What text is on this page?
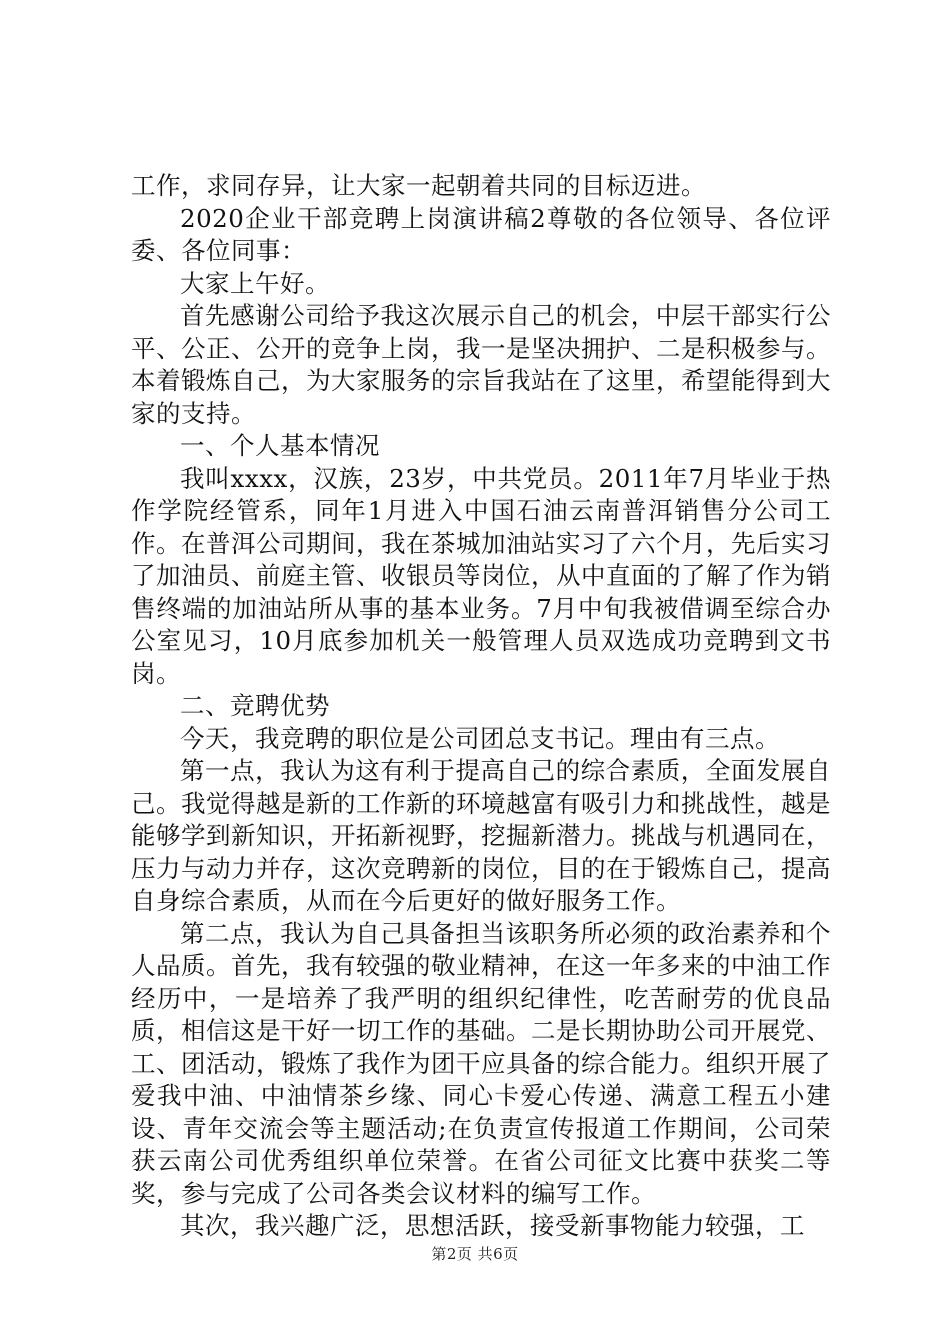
工作，求同存异，让大家一起朝着共同的目标迈进。

2020企业干部竞聘上岗演讲稿2尊敬的各位领导、各位评委、各位同事：

大家上午好。

首先感谢公司给予我这次展示自己的机会，中层干部实行公平、公正、公开的竞争上岗，我一是坚决拥护、二是积极参与。本着锻炼自己，为大家服务的宗旨我站在了这里，希望能得到大家的支持。

一、个人基本情况

我叫xxxx，汉族，23岁，中共党员。2011年7月毕业于热作学院经管系，同年1月进入中国石油云南普洱销售分公司工作。在普洱公司期间，我在茶城加油站实习了六个月，先后实习了加油员、前庭主管、收银员等岗位，从中直面的了解了作为销售终端的加油站所从事的基本业务。7月中旬我被借调至综合办公室见习，10月底参加机关一般管理人员双选成功竞聘到文书岗。

二、竞聘优势

今天，我竞聘的职位是公司团总支书记。理由有三点。

第一点，我认为这有利于提高自己的综合素质，全面发展自己。我觉得越是新的工作新的环境越富有吸引力和挑战性，越是能够学到新知识，开拓新视野，挖掘新潜力。挑战与机遇同在，压力与动力并存，这次竞聘新的岗位，目的在于锻炼自己，提高自身综合素质，从而在今后更好的做好服务工作。

第二点，我认为自己具备担当该职务所必须的政治素养和个人品质。首先，我有较强的敬业精神，在这一年多来的中油工作经历中，一是培养了我严明的组织纪律性，吃苦耐劳的优良品质，相信这是干好一切工作的基础。二是长期协助公司开展党、工、团活动，锻炼了我作为团干应具备的综合能力。组织开展了爱我中油、中油情茶乡缘、同心卡爱心传递、满意工程五小建设、青年交流会等主题活动;在负责宣传报道工作期间，公司荣获云南公司优秀组织单位荣誉。在省公司征文比赛中获奖二等奖，参与完成了公司各类会议材料的编写工作。

其次，我兴趣广泛，思想活跃，接受新事物能力较强，工

第2页 共6页
